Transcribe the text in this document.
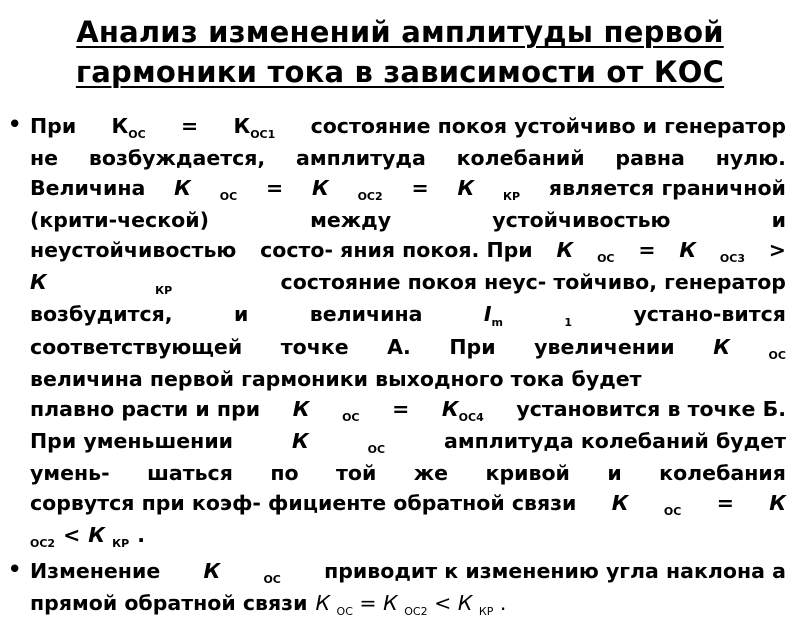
Анализ изменений амплитуды первой
гармоники тока в зависимости от КОС
• При $К_{ОС} = К_{ОС1}$ состояние покоя устойчиво и генератор
не возбуждается, амплитуда колебаний равна нулю.
Величина К	ОС = К	ОС2 = К	КР является граничной
(крити-ческой)	между	устойчивостью	и
неустойчивостью состо- яния покоя. При К ОС = К ОС3 >
К	КР	состояние покоя неус- тойчиво, генератор
возбудится,	и	величина	$I_m$	1	устано-вится
соответствующей точке А. При увеличении К	ОС
величина первой гармоники выходного тока будет
плавно расти и при К	ОС = $К_{ОС4}$ установится в точке Б.
При уменьшении	К	ОС	амплитуда колебаний будет
умень- шаться по той же кривой и колебания
сорвутся при коэф- фициенте обратной связи К	ОС = К
ОС2 < К $_{КР}$ .
• Изменение К	ОС приводит к изменению угла наклона а
прямой обратной связи К $_{ОС}$ = К $_{ОС2}$ < К $_{КР}$ .
